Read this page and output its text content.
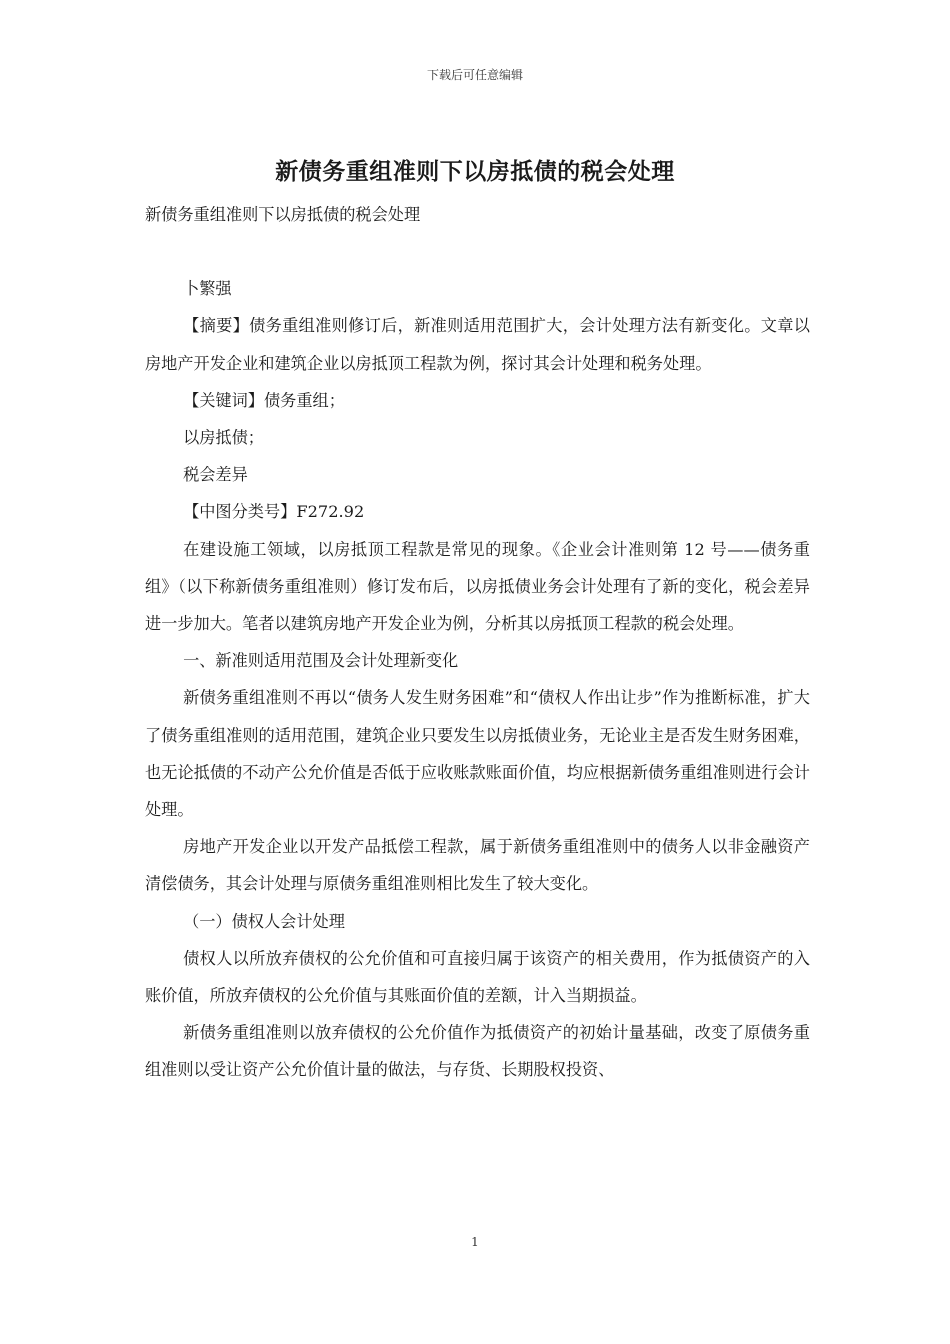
下载后可任意编辑
新债务重组准则下以房抵债的税会处理

新债务重组准则下以房抵债的税会处理

卜繁强

【摘要】债务重组准则修订后，新准则适用范围扩大，会计处理方法有新变化。文章以房地产开发企业和建筑企业以房抵顶工程款为例，探讨其会计处理和税务处理。

【关键词】债务重组；

以房抵债；

税会差异

【中图分类号】F272.92

在建设施工领域，以房抵顶工程款是常见的现象。《企业会计准则第 12 号——债务重组》（以下称新债务重组准则）修订发布后，以房抵债业务会计处理有了新的变化，税会差异进一步加大。笔者以建筑房地产开发企业为例，分析其以房抵顶工程款的税会处理。

一、新准则适用范围及会计处理新变化

新债务重组准则不再以“债务人发生财务困难”和“债权人作出让步”作为推断标准，扩大了债务重组准则的适用范围，建筑企业只要发生以房抵债业务，无论业主是否发生财务困难，也无论抵债的不动产公允价值是否低于应收账款账面价值，均应根据新债务重组准则进行会计处理。

房地产开发企业以开发产品抵偿工程款，属于新债务重组准则中的债务人以非金融资产清偿债务，其会计处理与原债务重组准则相比发生了较大变化。

（一）债权人会计处理

债权人以所放弃债权的公允价值和可直接归属于该资产的相关费用，作为抵债资产的入账价值，所放弃债权的公允价值与其账面价值的差额，计入当期损益。

新债务重组准则以放弃债权的公允价值作为抵债资产的初始计量基础，改变了原债务重组准则以受让资产公允价值计量的做法，与存货、长期股权投资、

1
